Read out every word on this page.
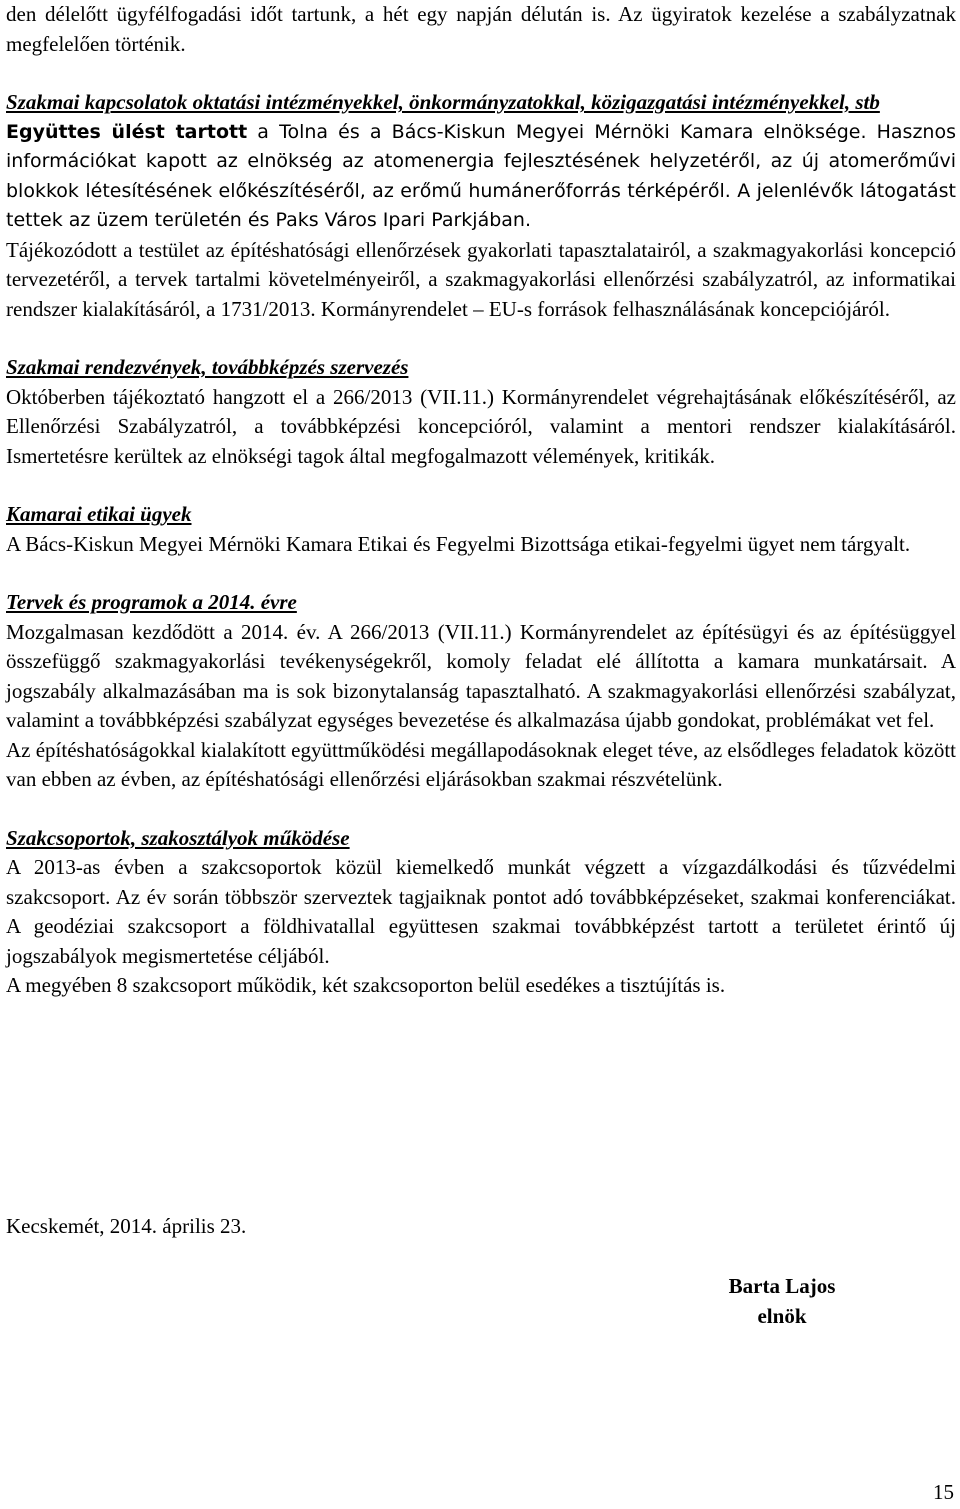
den délelőtt ügyfélfogadási időt tartunk, a hét egy napján délután is. Az ügyiratok kezelése a szabályzatnak megfelelően történik.

Szakmai kapcsolatok oktatási intézményekkel, önkormányzatokkal, közigazgatási intézményekkel, stb

Együttes ülést tartott a Tolna és a Bács-Kiskun Megyei Mérnöki Kamara elnöksége. Hasznos információkat kapott az elnökség az atomenergia fejlesztésének helyzetéről, az új atomerőművi blokkok létesítésének előkészítéséről, az erőmű humánerőforrás térképéről. A jelenlévők látogatást tettek az üzem területén és Paks Város Ipari Parkjában.

Tájékozódott a testület az építéshatósági ellenőrzések gyakorlati tapasztalatairól, a szakmagyakorlási koncepció tervezetéről, a tervek tartalmi követelményeiről, a szakmagyakorlási ellenőrzési szabályzatról, az informatikai rendszer kialakításáról, a 1731/2013. Kormányrendelet – EU-s források felhasználásának koncepciójáról.

Szakmai rendezvények, továbbképzés szervezés

Októberben tájékoztató hangzott el a 266/2013 (VII.11.) Kormányrendelet végrehajtásának előkészítéséről, az Ellenőrzési Szabályzatról, a továbbképzési koncepcióról, valamint a mentori rendszer kialakításáról. Ismertetésre kerültek az elnökségi tagok által megfogalmazott vélemények, kritikák.

Kamarai etikai ügyek

A Bács-Kiskun Megyei Mérnöki Kamara Etikai és Fegyelmi Bizottsága etikai-fegyelmi ügyet nem tárgyalt.

Tervek és programok a 2014. évre

Mozgalmasan kezdődött a 2014. év. A 266/2013 (VII.11.) Kormányrendelet az építésügyi és az építésüggyel összefüggő szakmagyakorlási tevékenységekről, komoly feladat elé állította a kamara munkatársait. A jogszabály alkalmazásában ma is sok bizonytalanság tapasztalható. A szakmagyakorlási ellenőrzési szabályzat, valamint a továbbképzési szabályzat egységes bevezetése és alkalmazása újabb gondokat, problémákat vet fel.

Az építéshatóságokkal kialakított együttműködési megállapodásoknak eleget téve, az elsődleges feladatok között van ebben az évben, az építéshatósági ellenőrzési eljárásokban szakmai részvételünk.

Szakcsoportok, szakosztályok működése

A 2013-as évben a szakcsoportok közül kiemelkedő munkát végzett a vízgazdálkodási és tűzvédelmi szakcsoport. Az év során többször szerveztek tagjaiknak pontot adó továbbképzéseket, szakmai konferenciákat. A geodéziai szakcsoport a földhivatallal együttesen szakmai továbbképzést tartott a területet érintő új jogszabályok megismertetése céljából.

A megyében 8 szakcsoport működik, két szakcsoporton belül esedékes a tisztújítás is.

Kecskemét, 2014. április 23.
Barta Lajos
elnök
15
